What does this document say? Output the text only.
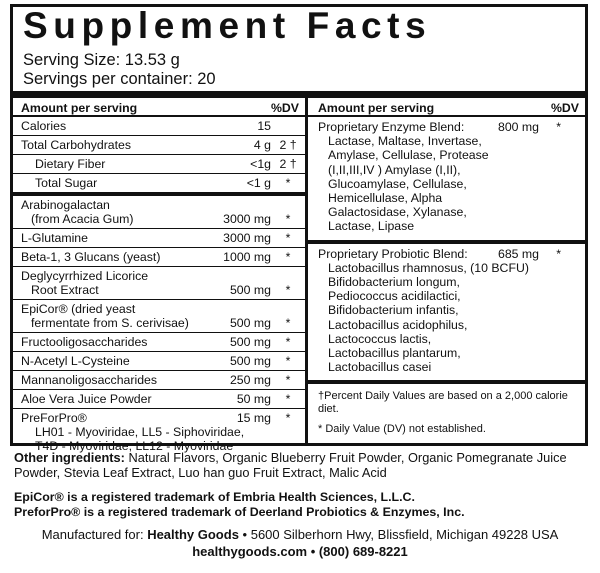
Supplement Facts
Serving Size: 13.53 g
Servings per container: 20
Amount per serving	%DV
Calories	15
Total Carbohydrates	4 g 2 †
Dietary Fiber	<1g 2 †
Total Sugar	<1 g	*
Arabinogalactan
(from Acacia Gum)	3000 mg	*
L-Glutamine	3000 mg	*
Beta-1, 3 Glucans (yeast)	1000 mg	*
Deglycyrrhized Licorice
Root Extract	500 mg	*
EpiCor® (dried yeast
fermentate from S. cerivisae)	500 mg	*
Fructooligosaccharides	500 mg	*
N-Acetyl L-Cysteine	500 mg	*
Mannanoligosaccharides	250 mg	*
Aloe Vera Juice Powder	50 mg	*
PreForPro®
LH01 - Myoviridae, LL5 - Siphoviridae,
T4D - Myoviridae, LL12 - Myoviridae
15 mg	*
Amount per serving	%DV
Proprietary Enzyme Blend:	800 mg *
Lactase, Maltase, Invertase,
Amylase, Cellulase, Protease
(I,II,III,IV ) Amylase (I,II),
Glucoamylase, Cellulase,
Hemicellulase, Alpha
Galactosidase, Xylanase,
Lactase, Lipase
Proprietary Probiotic Blend:	685 mg *
Lactobacillus rhamnosus, (10 BCFU)
Bifidobacterium longum,
Pediococcus acidilactici,
Bifidobacterium infantis,
Lactobacillus acidophilus,
Lactococcus lactis,
Lactobacillus plantarum,
Lactobacillus casei
†Percent Daily Values are based on a 2,000 calorie diet.
* Daily Value (DV) not established.
Other ingredients: Natural Flavors, Organic Blueberry Fruit Powder, Organic Pomegranate Juice Powder, Stevia Leaf Extract, Luo han guo Fruit Extract, Malic Acid
EpiCor® is a registered trademark of Embria Health Sciences, L.L.C.
PreforPro® is a registered trademark of Deerland Probiotics & Enzymes, Inc.
Manufactured for: Healthy Goods • 5600 Silberhorn Hwy, Blissfield, Michigan 49228 USA
healthygoods.com • (800) 689-8221
